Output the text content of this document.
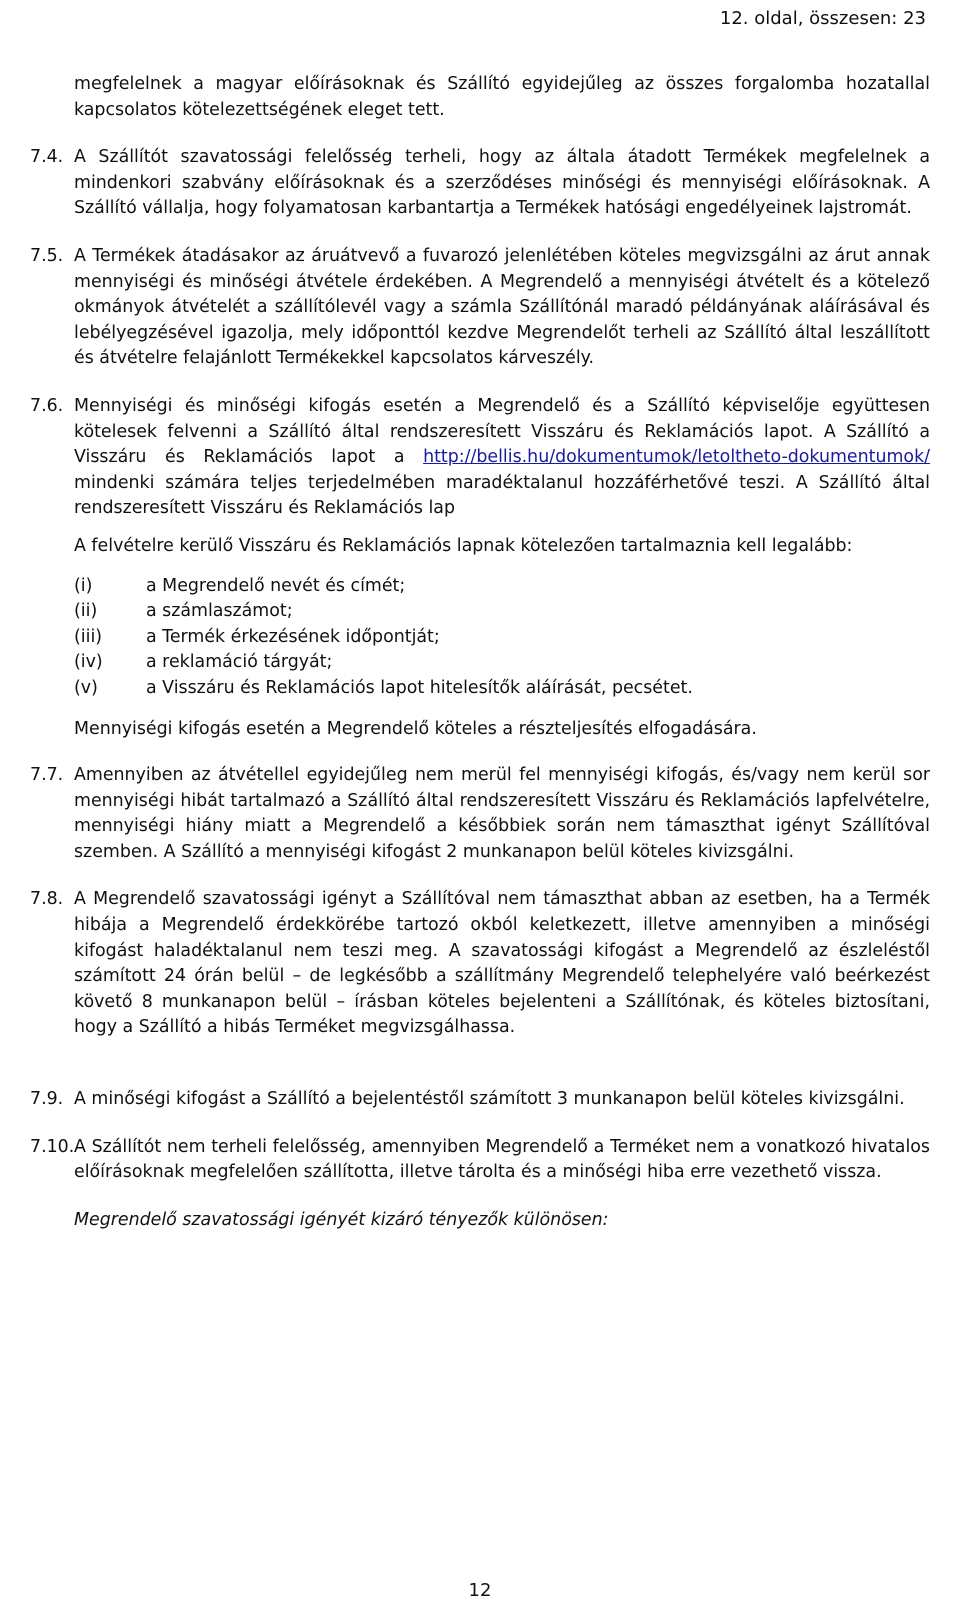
12. oldal, összesen: 23

megfelelnek a magyar előírásoknak és Szállító egyidejűleg az összes forgalomba hozatallal kapcsolatos kötelezettségének eleget tett.

7.4. A Szállítót szavatossági felelősség terheli, hogy az általa átadott Termékek megfelelnek a mindenkori szabvány előírásoknak és a szerződéses minőségi és mennyiségi előírásoknak. A Szállító vállalja, hogy folyamatosan karbantartja a Termékek hatósági engedélyeinek lajstromát.

7.5. A Termékek átadásakor az áruátvevő a fuvarozó jelenlétében köteles megvizsgálni az árut annak mennyiségi és minőségi átvétele érdekében. A Megrendelő a mennyiségi átvételt és a kötelező okmányok átvételét a szállítólevél vagy a számla Szállítónál maradó példányának aláírásával és lebélyegzésével igazolja, mely időponttól kezdve Megrendelőt terheli az Szállító által leszállított és átvételre felajánlott Termékekkel kapcsolatos kárveszély.

7.6. Mennyiségi és minőségi kifogás esetén a Megrendelő és a Szállító képviselője együttesen kötelesek felvenni a Szállító által rendszeresített Visszáru és Reklamációs lapot. A Szállító a Visszáru és Reklamációs lapot a http://bellis.hu/dokumentumok/letoltheto-dokumentumok/ mindenki számára teljes terjedelmében maradéktalanul hozzáférhetővé teszi. A Szállító által rendszeresített Visszáru és Reklamációs lap

A felvételre kerülő Visszáru és Reklamációs lapnak kötelezően tartalmaznia kell legalább:

(i)	a Megrendelő nevét és címét;
(ii)	a számlaszámot;
(iii)	a Termék érkezésének időpontját;
(iv)	a reklamáció tárgyát;
(v)	a Visszáru és Reklamációs lapot hitelesítők aláírását, pecsétet.

Mennyiségi kifogás esetén a Megrendelő köteles a részteljesítés elfogadására.

7.7. Amennyiben az átvétellel egyidejűleg nem merül fel mennyiségi kifogás, és/vagy nem kerül sor mennyiségi hibát tartalmazó a Szállító által rendszeresített Visszáru és Reklamációs lapfelvételre, mennyiségi hiány miatt a Megrendelő a későbbiek során nem támaszthat igényt Szállítóval szemben. A Szállító a mennyiségi kifogást 2 munkanapon belül köteles kivizsgálni.

7.8. A Megrendelő szavatossági igényt a Szállítóval nem támaszthat abban az esetben, ha a Termék hibája a Megrendelő érdekkörébe tartozó okból keletkezett, illetve amennyiben a minőségi kifogást haladéktalanul nem teszi meg. A szavatossági kifogást a Megrendelő az észleléstől számított 24 órán belül – de legkésőbb a szállítmány Megrendelő telephelyére való beérkezést követő 8 munkanapon belül – írásban köteles bejelenteni a Szállítónak, és köteles biztosítani, hogy a Szállító a hibás Terméket megvizsgálhassa.

7.9. A minőségi kifogást a Szállító a bejelentéstől számított 3 munkanapon belül köteles kivizsgálni.

7.10. A Szállítót nem terheli felelősség, amennyiben Megrendelő a Terméket nem a vonatkozó hivatalos előírásoknak megfelelően szállította, illetve tárolta és a minőségi hiba erre vezethető vissza.

Megrendelő szavatossági igényét kizáró tényezők különösen:

12
